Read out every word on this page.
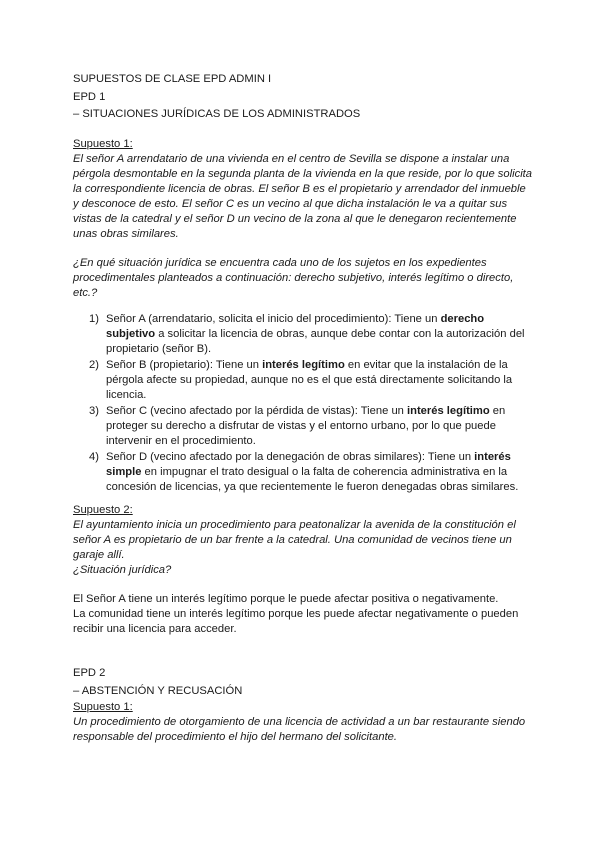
SUPUESTOS DE CLASE EPD ADMIN I
EPD 1
– SITUACIONES JURÍDICAS DE LOS ADMINISTRADOS
Supuesto 1:
El señor A arrendatario de una vivienda en el centro de Sevilla se dispone a instalar una
pérgola desmontable en la segunda planta de la vivienda en la que reside, por lo que solicita
la correspondiente licencia de obras. El señor B es el propietario y arrendador del inmueble
y desconoce de esto. El señor C es un vecino al que dicha instalación le va a quitar sus
vistas de la catedral y el señor D un vecino de la zona al que le denegaron recientemente
unas obras similares.
¿En qué situación jurídica se encuentra cada uno de los sujetos en los expedientes
procedimentales planteados a continuación: derecho subjetivo, interés legítimo o directo,
etc.?
1) Señor A (arrendatario, solicita el inicio del procedimiento): Tiene un derecho
subjetivo a solicitar la licencia de obras, aunque debe contar con la autorización del
propietario (señor B).
2) Señor B (propietario): Tiene un interés legítimo en evitar que la instalación de la
pérgola afecte su propiedad, aunque no es el que está directamente solicitando la
licencia.
3) Señor C (vecino afectado por la pérdida de vistas): Tiene un interés legítimo en
proteger su derecho a disfrutar de vistas y el entorno urbano, por lo que puede
intervenir en el procedimiento.
4) Señor D (vecino afectado por la denegación de obras similares): Tiene un interés
simple en impugnar el trato desigual o la falta de coherencia administrativa en la
concesión de licencias, ya que recientemente le fueron denegadas obras similares.
Supuesto 2:
El ayuntamiento inicia un procedimiento para peatonalizar la avenida de la constitución el
señor A es propietario de un bar frente a la catedral. Una comunidad de vecinos tiene un
garaje allí.
¿Situación jurídica?
El Señor A tiene un interés legítimo porque le puede afectar positiva o negativamente.
La comunidad tiene un interés legítimo porque les puede afectar negativamente o pueden
recibir una licencia para acceder.
EPD 2
– ABSTENCIÓN Y RECUSACIÓN
Supuesto 1:
Un procedimiento de otorgamiento de una licencia de actividad a un bar restaurante siendo
responsable del procedimiento el hijo del hermano del solicitante.
